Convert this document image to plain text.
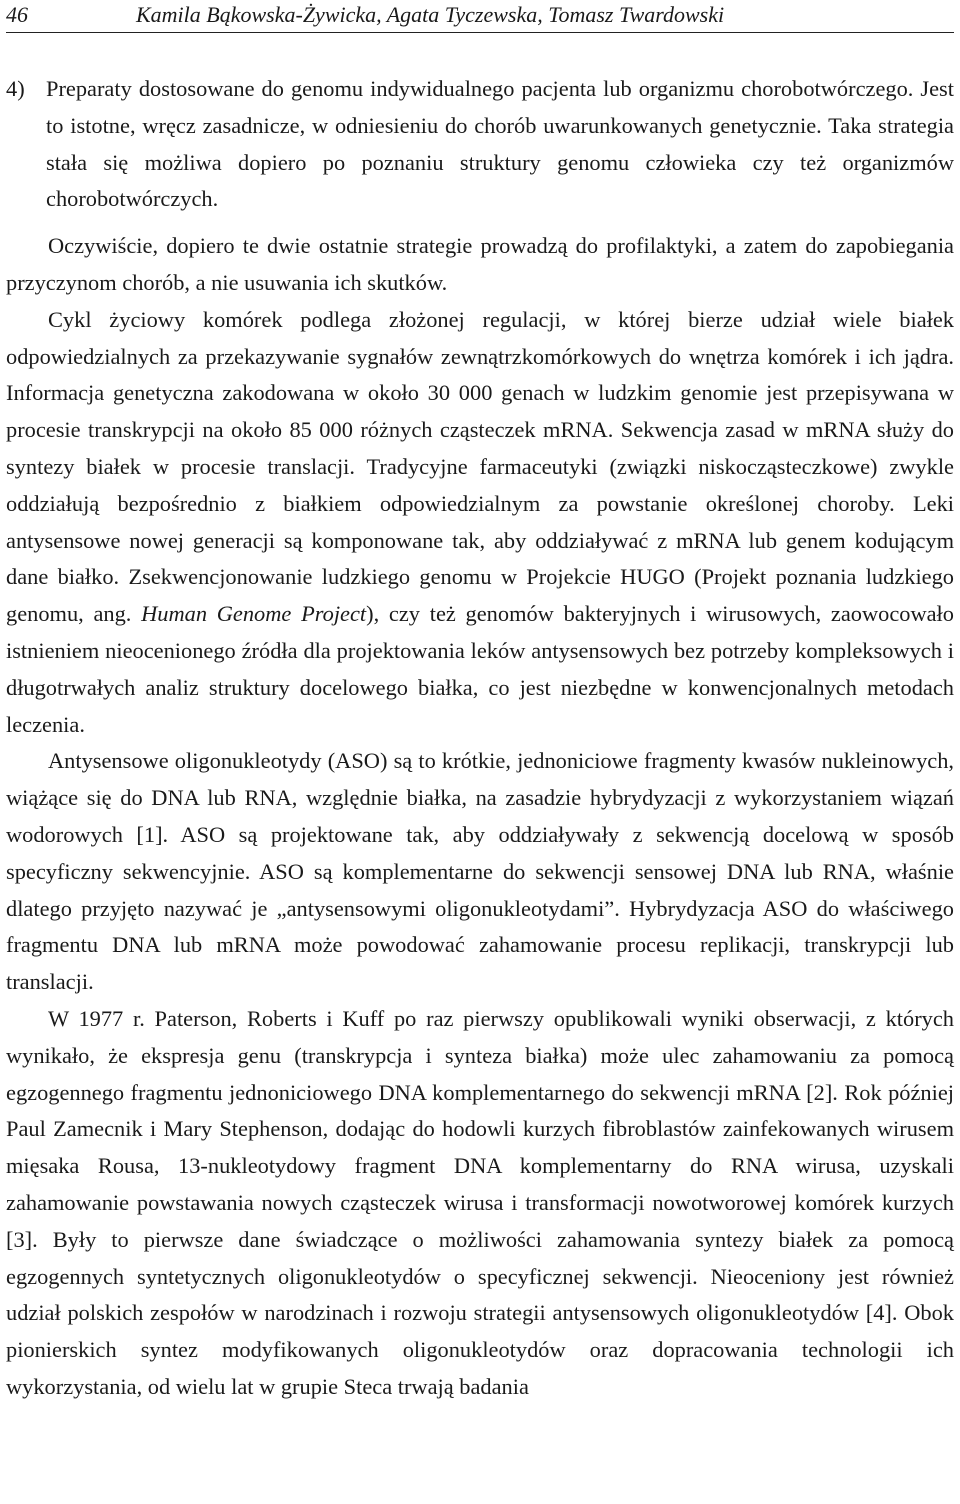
46	Kamila Bąkowska-Żywicka, Agata Tyczewska, Tomasz Twardowski
4) Preparaty dostosowane do genomu indywidualnego pacjenta lub organizmu chorobotwórczego. Jest to istotne, wręcz zasadnicze, w odniesieniu do chorób uwarunkowanych genetycznie. Taka strategia stała się możliwa dopiero po poznaniu struktury genomu człowieka czy też organizmów chorobotwórczych.

Oczywiście, dopiero te dwie ostatnie strategie prowadzą do profilaktyki, a zatem do zapobiegania przyczynom chorób, a nie usuwania ich skutków.

Cykl życiowy komórek podlega złożonej regulacji, w której bierze udział wiele białek odpowiedzialnych za przekazywanie sygnałów zewnątrzkomórkowych do wnętrza komórek i ich jądra. Informacja genetyczna zakodowana w około 30 000 genach w ludzkim genomie jest przepisywana w procesie transkrypcji na około 85 000 różnych cząsteczek mRNA. Sekwencja zasad w mRNA służy do syntezy białek w procesie translacji. Tradycyjne farmaceutyki (związki niskocząsteczkowe) zwykle oddziałują bezpośrednio z białkiem odpowiedzialnym za powstanie określonej choroby. Leki antysensowe nowej generacji są komponowane tak, aby oddziaływać z mRNA lub genem kodującym dane białko. Zsekwencjonowanie ludzkiego genomu w Projekcie HUGO (Projekt poznania ludzkiego genomu, ang. Human Genome Project), czy też genomów bakteryjnych i wirusowych, zaowocowało istnieniem nieocenionego źródła dla projektowania leków antysensowych bez potrzeby kompleksowych i długotrwałych analiz struktury docelowego białka, co jest niezbędne w konwencjonalnych metodach leczenia.

Antysensowe oligonukleotydy (ASO) są to krótkie, jednoniciowe fragmenty kwasów nukleinowych, wiążące się do DNA lub RNA, względnie białka, na zasadzie hybrydyzacji z wykorzystaniem wiązań wodorowych [1]. ASO są projektowane tak, aby oddziaływały z sekwencją docelową w sposób specyficzny sekwencyjnie. ASO są komplementarne do sekwencji sensowej DNA lub RNA, właśnie dlatego przyjęto nazywać je „antysensowymi oligonukleotydami”. Hybrydyzacja ASO do właściwego fragmentu DNA lub mRNA może powodować zahamowanie procesu replikacji, transkrypcji lub translacji.

W 1977 r. Paterson, Roberts i Kuff po raz pierwszy opublikowali wyniki obserwacji, z których wynikało, że ekspresja genu (transkrypcja i synteza białka) może ulec zahamowaniu za pomocą egzogennego fragmentu jednoniciowego DNA komplementarnego do sekwencji mRNA [2]. Rok później Paul Zamecnik i Mary Stephenson, dodając do hodowli kurzych fibroblastów zainfekowanych wirusem mięsaka Rousa, 13-nukleotydowy fragment DNA komplementarny do RNA wirusa, uzyskali zahamowanie powstawania nowych cząsteczek wirusa i transformacji nowotworowej komórek kurzych [3]. Były to pierwsze dane świadczące o możliwości zahamowania syntezy białek za pomocą egzogennych syntetycznych oligonukleotydów o specyficznej sekwencji. Nieoceniony jest również udział polskich zespołów w narodzinach i rozwoju strategii antysensowych oligonukleotydów [4]. Obok pionierskich syntez modyfikowanych oligonukleotydów oraz dopracowania technologii ich wykorzystania, od wielu lat w grupie Steca trwają badania
